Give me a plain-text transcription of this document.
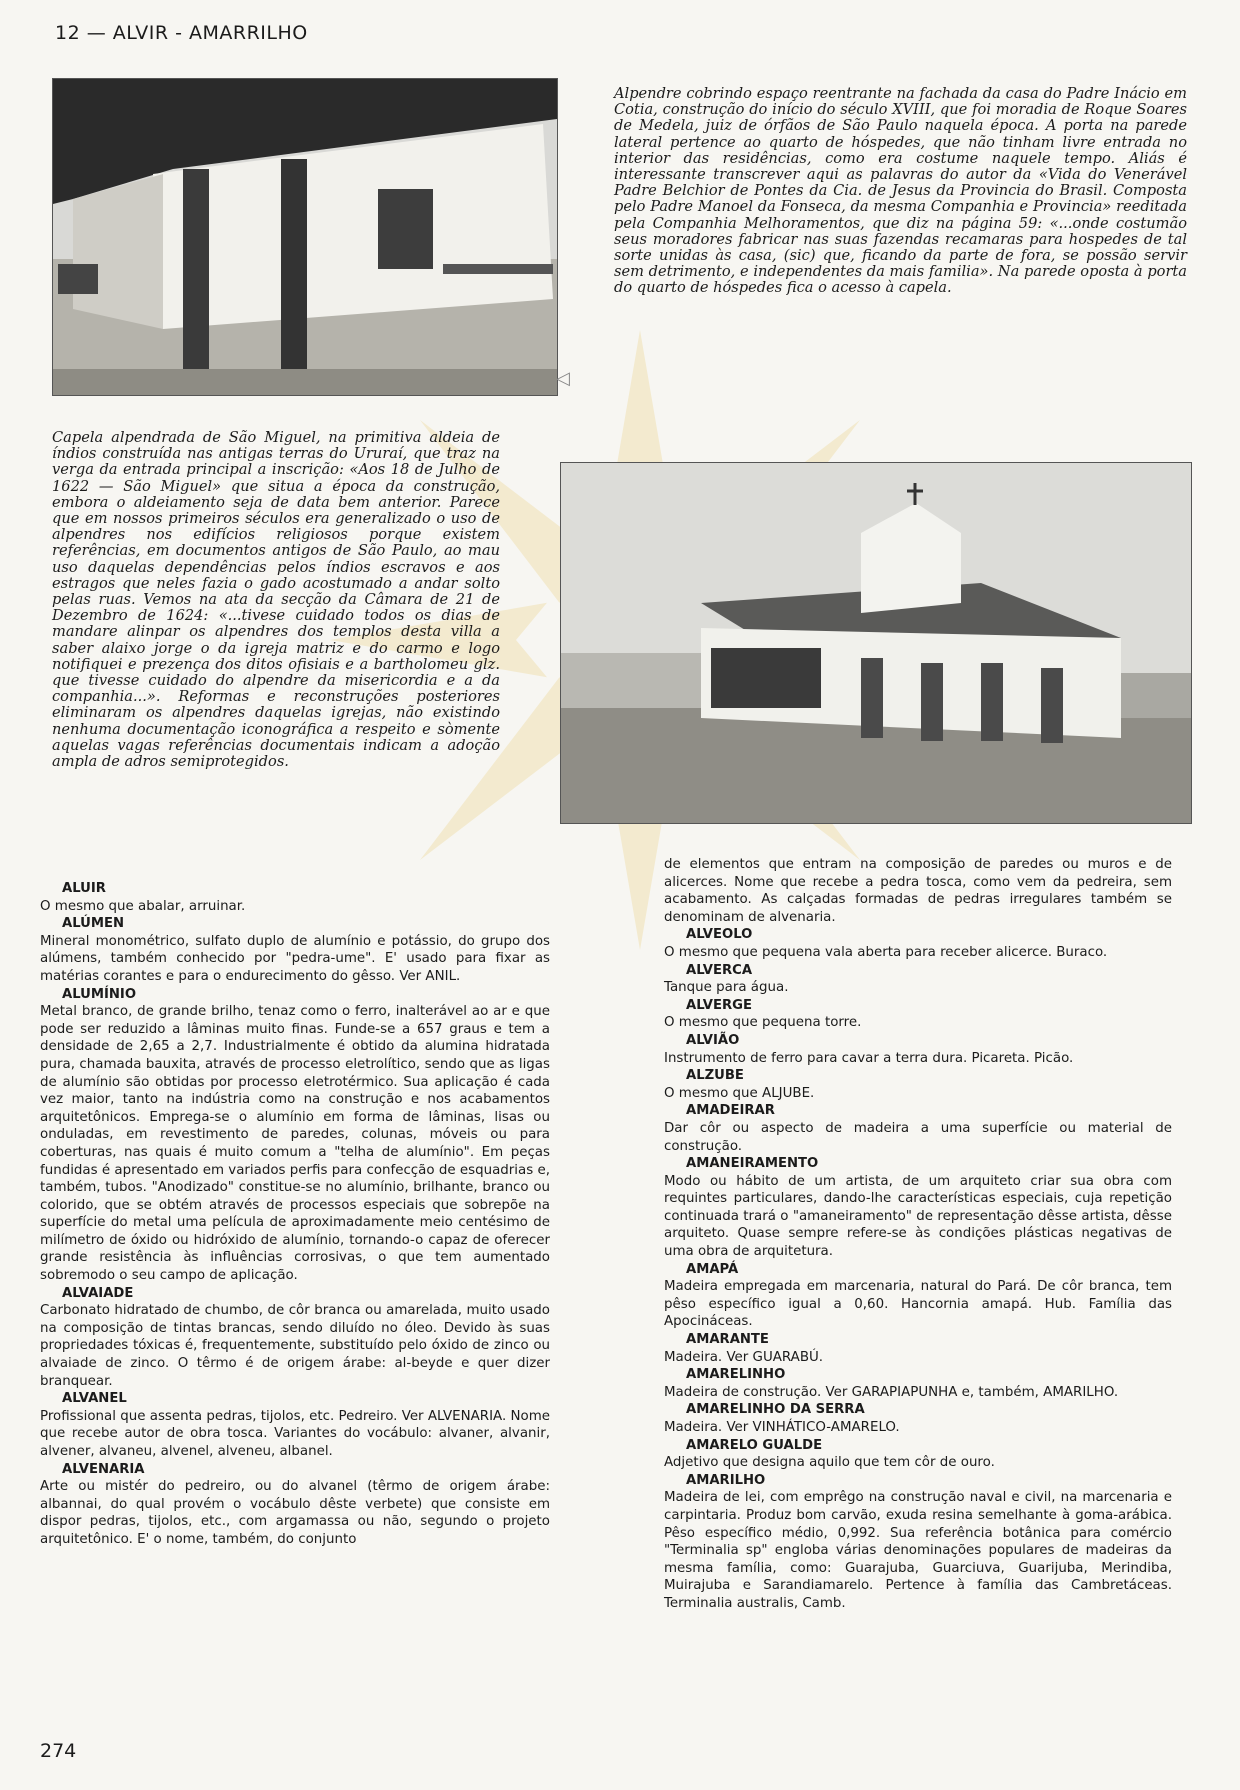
12 — ALVIR - AMARRILHO
◁
Alpendre cobrindo espaço reentrante na fachada da casa do Padre Inácio em Cotia, construção do início do século XVIII, que foi moradia de Roque Soares de Medela, juiz de órfãos de São Paulo naquela época. A porta na parede lateral pertence ao quarto de hóspedes, que não tinham livre entrada no interior das residências, como era costume naquele tempo. Aliás é interessante transcrever aqui as palavras do autor da «Vida do Venerável Padre Belchior de Pontes da Cia. de Jesus da Provincia do Brasil. Composta pelo Padre Manoel da Fonseca, da mesma Companhia e Provincia» reeditada pela Companhia Melhoramentos, que diz na página 59: «...onde costumão seus moradores fabricar nas suas fazendas recamaras para hospedes de tal sorte unidas às casa, (sic) que, ficando da parte de fora, se possão servir sem detrimento, e independentes da mais familia». Na parede oposta à porta do quarto de hóspedes fica o acesso à capela.
Capela alpendrada de São Miguel, na primitiva aldeia de índios construída nas antigas terras do Ururaí, que traz na verga da entrada principal a inscrição: «Aos 18 de Julho de 1622 — São Miguel» que situa a época da construção, embora o aldeiamento seja de data bem anterior. Parece que em nossos primeiros séculos era generalizado o uso de alpendres nos edifícios religiosos porque existem referências, em documentos antigos de São Paulo, ao mau uso daquelas dependências pelos índios escravos e aos estragos que neles fazia o gado acostumado a andar solto pelas ruas. Vemos na ata da secção da Câmara de 21 de Dezembro de 1624: «...tivese cuidado todos os dias de mandare alinpar os alpendres dos templos desta villa a saber alaixo jorge o da igreja matriz e do carmo e logo notifiquei e prezença dos ditos ofisiais e a bartholomeu glz. que tivesse cuidado do alpendre da misericordia e a da companhia...». Reformas e reconstruções posteriores eliminaram os alpendres daquelas igrejas, não existindo nenhuma documentação iconográfica a respeito e sòmente aquelas vagas referências documentais indicam a adoção ampla de adros semiprotegidos.
ALUIR
O mesmo que abalar, arruinar.
ALÚMEN
Mineral monométrico, sulfato duplo de alumínio e potássio, do grupo dos alúmens, também conhecido por "pedra-ume". E' usado para fixar as matérias corantes e para o endurecimento do gêsso. Ver ANIL.
ALUMÍNIO
Metal branco, de grande brilho, tenaz como o ferro, inalterável ao ar e que pode ser reduzido a lâminas muito finas. Funde-se a 657 graus e tem a densidade de 2,65 a 2,7. Industrialmente é obtido da alumina hidratada pura, chamada bauxita, através de processo eletrolítico, sendo que as ligas de alumínio são obtidas por processo eletrotérmico. Sua aplicação é cada vez maior, tanto na indústria como na construção e nos acabamentos arquitetônicos. Emprega-se o alumínio em forma de lâminas, lisas ou onduladas, em revestimento de paredes, colunas, móveis ou para coberturas, nas quais é muito comum a "telha de alumínio". Em peças fundidas é apresentado em variados perfis para confecção de esquadrias e, também, tubos. "Anodizado" constitue-se no alumínio, brilhante, branco ou colorido, que se obtém através de processos especiais que sobrepõe na superfície do metal uma película de aproximadamente meio centésimo de milímetro de óxido ou hidróxido de alumínio, tornando-o capaz de oferecer grande resistência às influências corrosivas, o que tem aumentado sobremodo o seu campo de aplicação.
ALVAIADE
Carbonato hidratado de chumbo, de côr branca ou amarelada, muito usado na composição de tintas brancas, sendo diluído no óleo. Devido às suas propriedades tóxicas é, frequentemente, substituído pelo óxido de zinco ou alvaiade de zinco. O têrmo é de origem árabe: al-beyde e quer dizer branquear.
ALVANEL
Profissional que assenta pedras, tijolos, etc. Pedreiro. Ver ALVENARIA. Nome que recebe autor de obra tosca. Variantes do vocábulo: alvaner, alvanir, alvener, alvaneu, alvenel, alveneu, albanel.
ALVENARIA
Arte ou mistér do pedreiro, ou do alvanel (têrmo de origem árabe: albannai, do qual provém o vocábulo dêste verbete) que consiste em dispor pedras, tijolos, etc., com argamassa ou não, segundo o projeto arquitetônico. E' o nome, também, do conjunto
de elementos que entram na composição de paredes ou muros e de alicerces. Nome que recebe a pedra tosca, como vem da pedreira, sem acabamento. As calçadas formadas de pedras irregulares também se denominam de alvenaria.
ALVEOLO
O mesmo que pequena vala aberta para receber alicerce. Buraco.
ALVERCA
Tanque para água.
ALVERGE
O mesmo que pequena torre.
ALVIÃO
Instrumento de ferro para cavar a terra dura. Picareta. Picão.
ALZUBE
O mesmo que ALJUBE.
AMADEIRAR
Dar côr ou aspecto de madeira a uma superfície ou material de construção.
AMANEIRAMENTO
Modo ou hábito de um artista, de um arquiteto criar sua obra com requintes particulares, dando-lhe características especiais, cuja repetição continuada trará o "amaneiramento" de representação dêsse artista, dêsse arquiteto. Quase sempre refere-se às condições plásticas negativas de uma obra de arquitetura.
AMAPÁ
Madeira empregada em marcenaria, natural do Pará. De côr branca, tem pêso específico igual a 0,60. Hancornia amapá. Hub. Família das Apocináceas.
AMARANTE
Madeira. Ver GUARABÚ.
AMARELINHO
Madeira de construção. Ver GARAPIAPUNHA e, também, AMARILHO.
AMARELINHO DA SERRA
Madeira. Ver VINHÁTICO-AMARELO.
AMARELO GUALDE
Adjetivo que designa aquilo que tem côr de ouro.
AMARILHO
Madeira de lei, com emprêgo na construção naval e civil, na marcenaria e carpintaria. Produz bom carvão, exuda resina semelhante à goma-arábica. Pêso específico médio, 0,992. Sua referência botânica para comércio "Terminalia sp" engloba várias denominações populares de madeiras da mesma família, como: Guarajuba, Guarciuva, Guarijuba, Merindiba, Muirajuba e Sarandiamarelo. Pertence à família das Cambretáceas. Terminalia australis, Camb.
274
